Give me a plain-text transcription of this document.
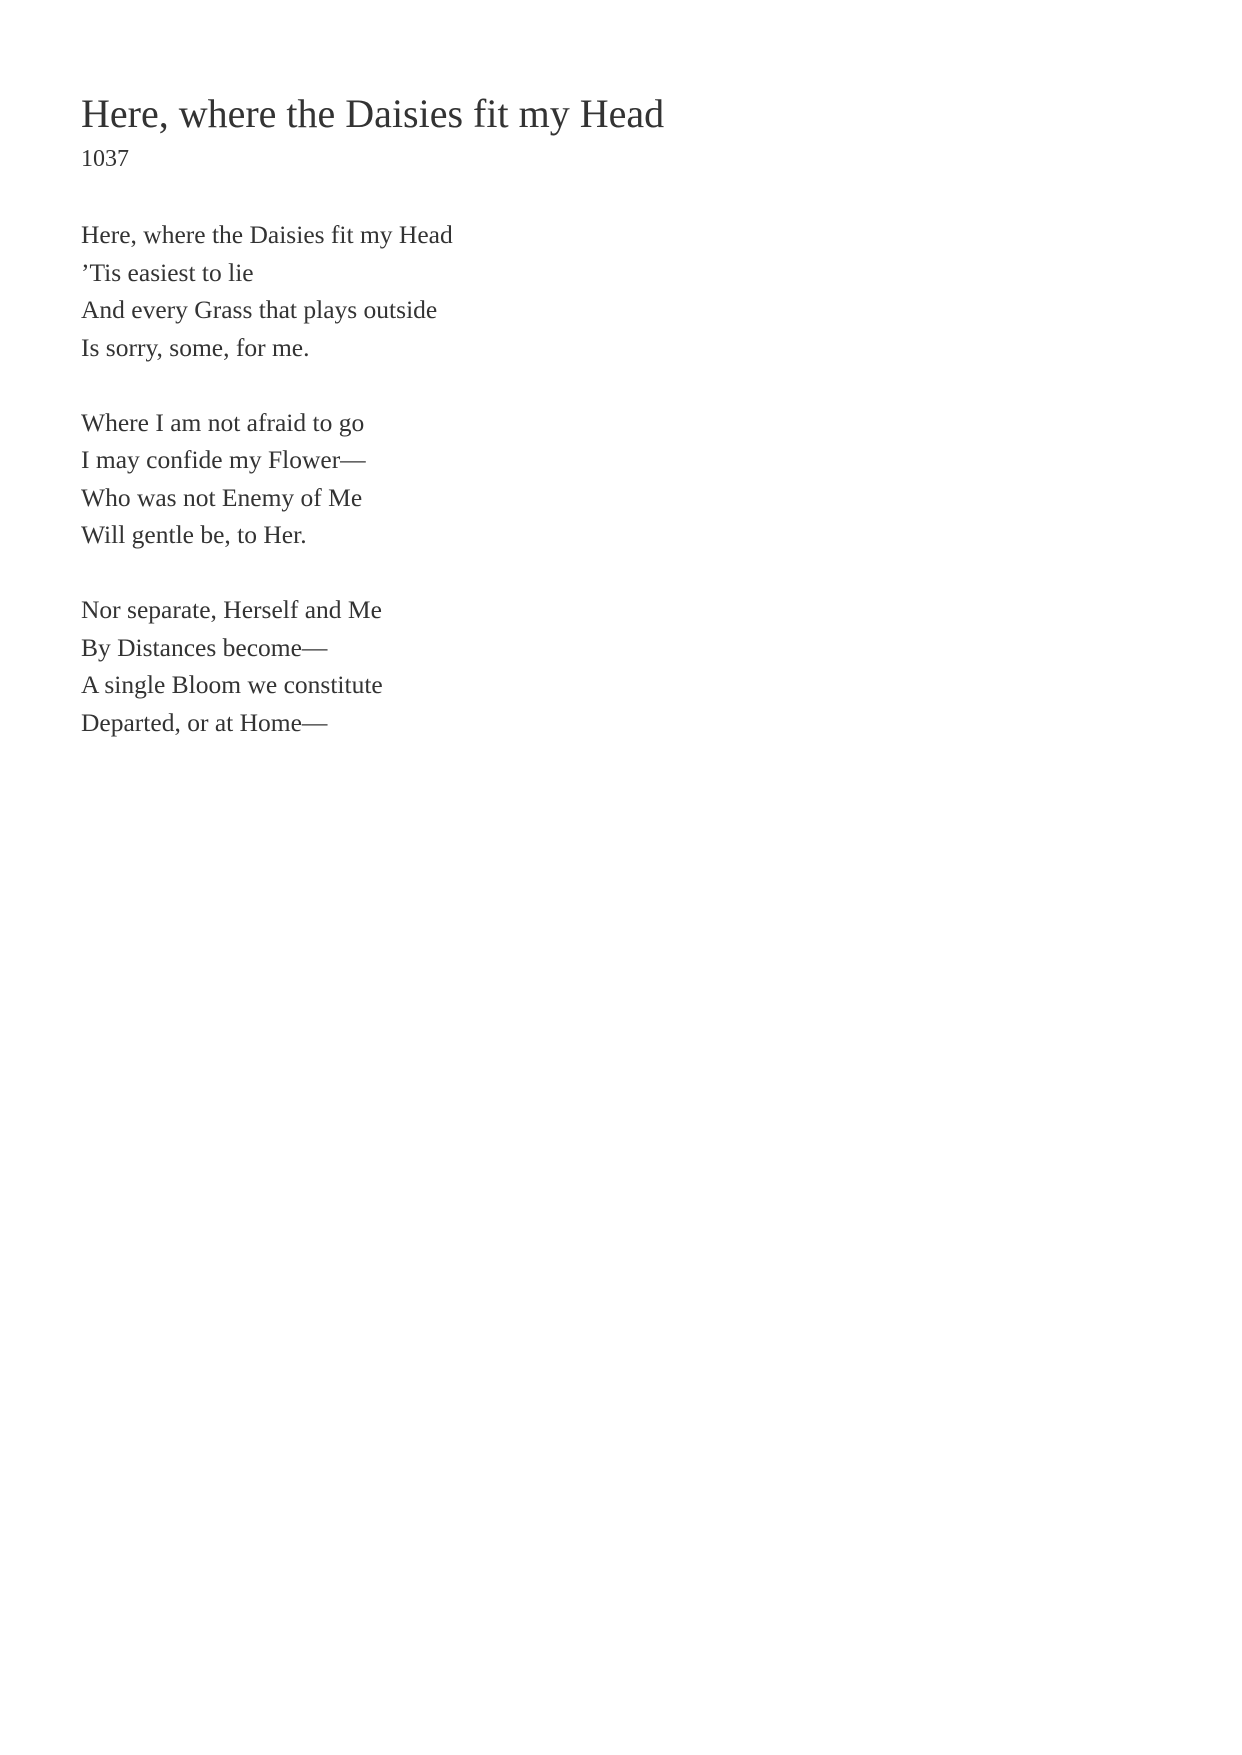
Here, where the Daisies fit my Head
1037
Here, where the Daisies fit my Head
’Tis easiest to lie
And every Grass that plays outside
Is sorry, some, for me.
Where I am not afraid to go
I may confide my Flower—
Who was not Enemy of Me
Will gentle be, to Her.
Nor separate, Herself and Me
By Distances become—
A single Bloom we constitute
Departed, or at Home—
